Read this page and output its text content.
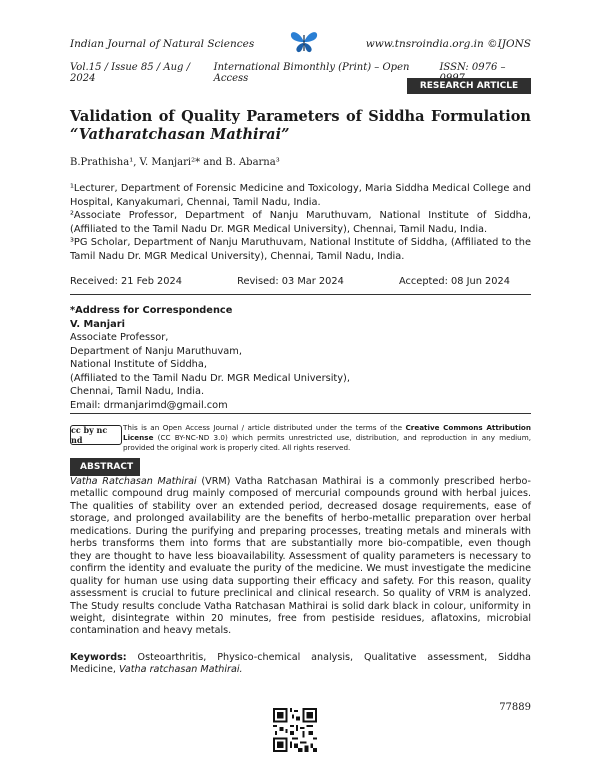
Indian Journal of Natural Sciences	www.tnsroindia.org.in ©IJONS
Vol.15 / Issue 85 / Aug / 2024
International Bimonthly (Print) – Open Access
ISSN: 0976 –
RESEARCH ARTICLE
Validation of Quality Parameters of Siddha Formulation
“Vatharatchasan Mathirai”
B.Prathisha¹, V. Manjari²* and B. Abarna³
¹Lecturer, Department of Forensic Medicine and Toxicology, Maria Siddha Medical College and Hospital, Kanyakumari, Chennai, Tamil Nadu, India.
²Associate Professor, Department of Nanju Maruthuvam, National Institute of Siddha, (Affiliated to the Tamil Nadu Dr. MGR Medical University), Chennai, Tamil Nadu, India.
³PG Scholar, Department of Nanju Maruthuvam, National Institute of Siddha, (Affiliated to the Tamil Nadu Dr. MGR Medical University), Chennai, Tamil Nadu, India.
Received: 21 Feb 2024	Revised: 03 Mar 2024	Accepted: 08 Jun 2024
*Address for Correspondence
V. Manjari
Associate Professor,
Department of Nanju Maruthuvam,
National Institute of Siddha,
(Affiliated to the Tamil Nadu Dr. MGR Medical University),
Chennai, Tamil Nadu, India.
Email: drmanjarimd@gmail.com
cc by nc nd
This is an Open Access Journal / article distributed under the terms of the Creative Commons Attribution License (CC BY-NC-ND 3.0) which permits unrestricted use, distribution, and reproduction in any medium, provided the original work is properly cited. All rights reserved.
ABSTRACT
Vatha Ratchasan Mathirai (VRM) Vatha Ratchasan Mathirai is a commonly prescribed herbo-metallic compound drug mainly composed of mercurial compounds ground with herbal juices. The qualities of stability over an extended period, decreased dosage requirements, ease of storage, and prolonged availability are the benefits of herbo-metallic preparation over herbal medications. During the purifying and preparing processes, treating metals and minerals with herbs transforms them into forms that are substantially more bio-compatible, even though they are thought to have less bioavailability. Assessment of quality parameters is necessary to confirm the identity and evaluate the purity of the medicine. We must investigate the medicine quality for human use using data supporting their efficacy and safety. For this reason, quality assessment is crucial to future preclinical and clinical research. So quality of VRM is analyzed. The Study results conclude Vatha Ratchasan Mathirai is solid dark black in colour, uniformity in weight, disintegrate within 20 minutes, free from pestiside residues, aflatoxins, microbial contamination and heavy metals.
Keywords: Osteoarthritis, Physico-chemical analysis, Qualitative assessment, Siddha Medicine, Vatha ratchasan Mathirai.
77889
